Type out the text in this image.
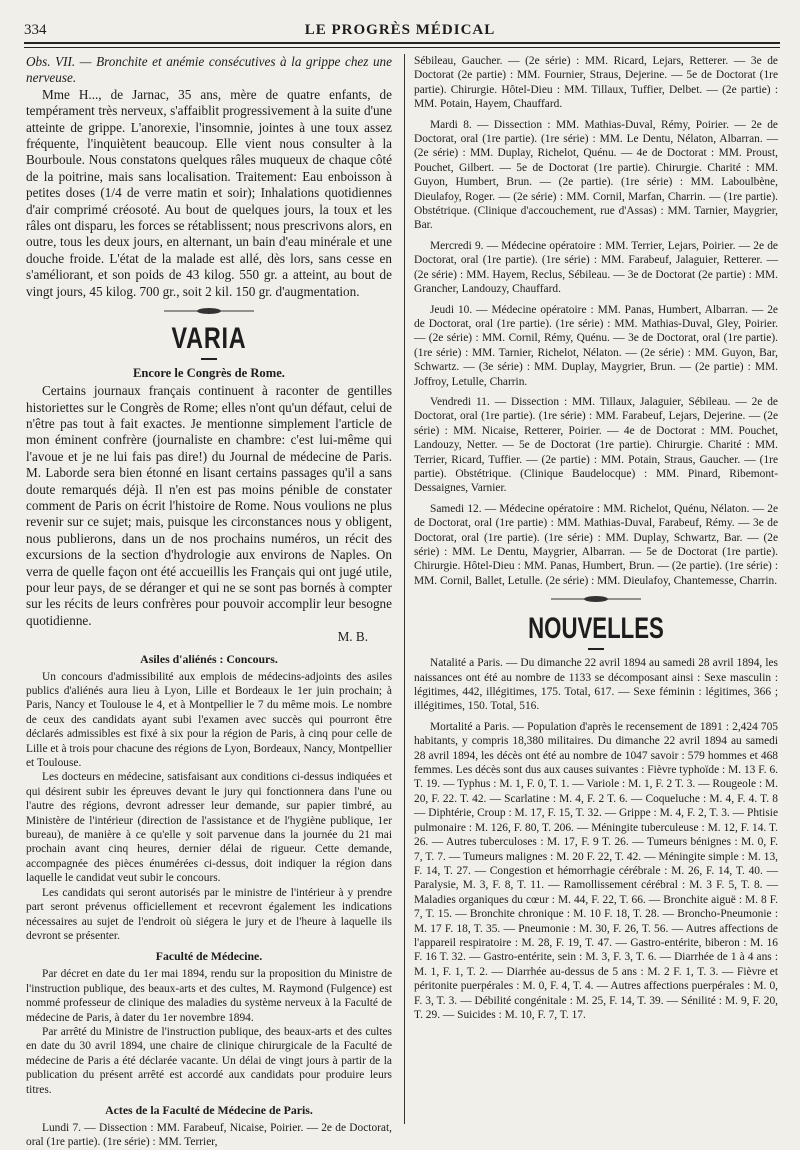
334	LE PROGRÈS MÉDICAL

Obs. VII. — Bronchite et anémie consécutives à la grippe chez une nerveuse.

Mme H..., de Jarnac, 35 ans, mère de quatre enfants, de tempérament très nerveux, s'affaiblit progressivement à la suite d'une atteinte de grippe. L'anorexie, l'insomnie, jointes à une toux assez fréquente, l'inquiètent beaucoup. Elle vient nous consulter à la Bourboule. Nous constatons quelques râles muqueux de chaque côté de la poitrine, mais sans localisation. Traitement: Eau enboisson à petites doses (1/4 de verre matin et soir); Inhalations quotidiennes d'air comprimé créosoté. Au bout de quelques jours, la toux et les râles ont disparu, les forces se rétablissent; nous prescrivons alors, en outre, tous les deux jours, en alternant, un bain d'eau minérale et une douche froide. L'état de la malade est allé, dès lors, sans cesse en s'améliorant, et son poids de 43 kilog. 550 gr. a atteint, au bout de vingt jours, 45 kilog. 700 gr., soit 2 kil. 150 gr. d'augmentation.

VARIA
Encore le Congrès de Rome.

Certains journaux français continuent à raconter de gentilles historiettes sur le Congrès de Rome; elles n'ont qu'un défaut, celui de n'être pas tout à fait exactes. Je mentionne simplement l'article de mon éminent confrère (journaliste en chambre: c'est lui-même qui l'avoue et je ne lui fais pas dire!) du Journal de médecine de Paris. M. Laborde sera bien étonné en lisant certains passages qu'il a sans doute remarqués déjà. Il n'en est pas moins pénible de constater comment de Paris on écrit l'histoire de Rome. Nous voulions ne plus revenir sur ce sujet; mais, puisque les circonstances nous y obligent, nous publierons, dans un de nos prochains numéros, un récit des excursions de la section d'hydrologie aux environs de Naples. On verra de quelle façon ont été accueillis les Français qui ont jugé utile, pour leur pays, de se déranger et qui ne se sont pas bornés à compter sur les récits de leurs confrères pour pouvoir accomplir leur besogne quotidienne.

M. B.

Asiles d'aliénés : Concours.

Un concours d'admissibilité aux emplois de médecins-adjoints des asiles publics d'aliénés aura lieu à Lyon, Lille et Bordeaux le 1er juin prochain; à Paris, Nancy et Toulouse le 4, et à Montpellier le 7 du même mois. Le nombre de ceux des candidats ayant subi l'examen avec succès qui pourront être déclarés admissibles est fixé à six pour la région de Paris, à cinq pour celle de Lille et à trois pour chacune des régions de Lyon, Bordeaux, Nancy, Montpellier et Toulouse.

Les docteurs en médecine, satisfaisant aux conditions ci-dessus indiquées et qui désirent subir les épreuves devant le jury qui fonctionnera dans l'une ou l'autre des régions, devront adresser leur demande, sur papier timbré, au Ministère de l'intérieur (direction de l'assistance et de l'hygiène publique, 1er bureau), de manière à ce qu'elle y soit parvenue dans la journée du 21 mai prochain avant cinq heures, dernier délai de rigueur. Cette demande, accompagnée des pièces énumérées ci-dessus, doit indiquer la région dans laquelle le candidat veut subir le concours.

Les candidats qui seront autorisés par le ministre de l'intérieur à y prendre part seront prévenus officiellement et recevront également les indications nécessaires au sujet de l'endroit où siégera le jury et de l'heure à laquelle ils devront se présenter.

Faculté de Médecine.

Par décret en date du 1er mai 1894, rendu sur la proposition du Ministre de l'instruction publique, des beaux-arts et des cultes, M. Raymond (Fulgence) est nommé professeur de clinique des maladies du système nerveux à la Faculté de médecine de Paris, à dater du 1er novembre 1894.

Par arrêté du Ministre de l'instruction publique, des beaux-arts et des cultes en date du 30 avril 1894, une chaire de clinique chirurgicale de la Faculté de médecine de Paris a été déclarée vacante. Un délai de vingt jours à partir de la publication du présent arrêté est accordé aux candidats pour produire leurs titres.

Actes de la Faculté de Médecine de Paris.

Lundi 7. — Dissection : MM. Farabeuf, Nicaise, Poirier. — 2e de Doctorat, oral (1re partie). (1re série) : MM. Terrier,

Sébileau, Gaucher. — (2e série) : MM. Ricard, Lejars, Retterer. — 3e de Doctorat (2e partie) : MM. Fournier, Straus, Dejerine. — 5e de Doctorat (1re partie). Chirurgie. Hôtel-Dieu : MM. Tillaux, Tuffier, Delbet. — (2e partie) : MM. Potain, Hayem, Chauffard.

Mardi 8. — Dissection : MM. Mathias-Duval, Rémy, Poirier. — 2e de Doctorat, oral (1re partie). (1re série) : MM. Le Dentu, Nélaton, Albarran. — (2e série) : MM. Duplay, Richelot, Quénu. — 4e de Doctorat : MM. Proust, Pouchet, Gilbert. — 5e de Doctorat (1re partie). Chirurgie. Charité : MM. Guyon, Humbert, Brun. — (2e partie). (1re série) : MM. Laboulbène, Dieulafoy, Roger. — (2e série) : MM. Cornil, Marfan, Charrin. — (1re partie). Obstétrique. (Clinique d'accouchement, rue d'Assas) : MM. Tarnier, Maygrier, Bar.

Mercredi 9. — Médecine opératoire : MM. Terrier, Lejars, Poirier. — 2e de Doctorat, oral (1re partie). (1re série) : MM. Farabeuf, Jalaguier, Retterer. — (2e série) : MM. Hayem, Reclus, Sébileau. — 3e de Doctorat (2e partie) : MM. Grancher, Landouzy, Chauffard.

Jeudi 10. — Médecine opératoire : MM. Panas, Humbert, Albarran. — 2e de Doctorat, oral (1re partie). (1re série) : MM. Mathias-Duval, Gley, Poirier. — (2e série) : MM. Cornil, Rémy, Quénu. — 3e de Doctorat, oral (1re partie). (1re série) : MM. Tarnier, Richelot, Nélaton. — (2e série) : MM. Guyon, Bar, Schwartz. — (3e série) : MM. Duplay, Maygrier, Brun. — (2e partie) : MM. Joffroy, Letulle, Charrin.

Vendredi 11. — Dissection : MM. Tillaux, Jalaguier, Sébileau. — 2e de Doctorat, oral (1re partie). (1re série) : MM. Farabeuf, Lejars, Dejerine. — (2e série) : MM. Nicaise, Retterer, Poirier. — 4e de Doctorat : MM. Pouchet, Landouzy, Netter. — 5e de Doctorat (1re partie). Chirurgie. Charité : MM. Terrier, Ricard, Tuffier. — (2e partie) : MM. Potain, Straus, Gaucher. — (1re partie). Obstétrique. (Clinique Baudelocque) : MM. Pinard, Ribemont-Dessaignes, Varnier.

Samedi 12. — Médecine opératoire : MM. Richelot, Quénu, Nélaton. — 2e de Doctorat, oral (1re partie) : MM. Mathias-Duval, Farabeuf, Rémy. — 3e de Doctorat, oral (1re partie). (1re série) : MM. Duplay, Schwartz, Bar. — (2e série) : MM. Le Dentu, Maygrier, Albarran. — 5e de Doctorat (1re partie). Chirurgie. Hôtel-Dieu : MM. Panas, Humbert, Brun. — (2e partie). (1re série) : MM. Cornil, Ballet, Letulle. (2e série) : MM. Dieulafoy, Chantemesse, Charrin.

NOUVELLES

Natalité a Paris. — Du dimanche 22 avril 1894 au samedi 28 avril 1894, les naissances ont été au nombre de 1133 se décomposant ainsi : Sexe masculin : légitimes, 442, illégitimes, 175. Total, 617. — Sexe féminin : légitimes, 366 ; illégitimes, 150. Total, 516.

Mortalité a Paris. — Population d'après le recensement de 1891 : 2,424 705 habitants, y compris 18,380 militaires. Du dimanche 22 avril 1894 au samedi 28 avril 1894, les décès ont été au nombre de 1047 savoir : 579 hommes et 468 femmes. Les décès sont dus aux causes suivantes : Fièvre typhoïde : M. 13 F. 6. T. 19. — Typhus : M. 1, F. 0, T. 1. — Variole : M. 1, F. 2 T. 3. — Rougeole : M. 20, F. 22. T. 42. — Scarlatine : M. 4, F. 2 T. 6. — Coqueluche : M. 4, F. 4. T. 8 — Diphtérie, Croup : M. 17, F. 15, T. 32. — Grippe : M. 4, F. 2, T. 3. — Phtisie pulmonaire : M. 126, F. 80, T. 206. — Méningite tuberculeuse : M. 12, F. 14. T. 26. — Autres tuberculoses : M. 17, F. 9 T. 26. — Tumeurs bénignes : M. 0, F. 7, T. 7. — Tumeurs malignes : M. 20 F. 22, T. 42. — Méningite simple : M. 13, F. 14, T. 27. — Congestion et hémorrhagie cérébrale : M. 26, F. 14, T. 40. — Paralysie, M. 3, F. 8, T. 11. — Ramollissement cérébral : M. 3 F. 5, T. 8. — Maladies organiques du cœur : M. 44, F. 22, T. 66. — Bronchite aiguë : M. 8 F. 7, T. 15. — Bronchite chronique : M. 10 F. 18, T. 28. — Broncho-Pneumonie : M. 17 F. 18, T. 35. — Pneumonie : M. 30, F. 26, T. 56. — Autres affections de l'appareil respiratoire : M. 28, F. 19, T. 47. — Gastro-entérite, biberon : M. 16 F. 16 T. 32. — Gastro-entérite, sein : M. 3, F. 3, T. 6. — Diarrhée de 1 à 4 ans : M. 1, F. 1, T. 2. — Diarrhée au-dessus de 5 ans : M. 2 F. 1, T. 3. — Fièvre et péritonite puerpérales : M. 0, F. 4, T. 4. — Autres affections puerpérales : M. 0, F. 3, T. 3. — Débilité congénitale : M. 25, F. 14, T. 39. — Sénilité : M. 9, F. 20, T. 29. — Suicides : M. 10, F. 7, T. 17.
